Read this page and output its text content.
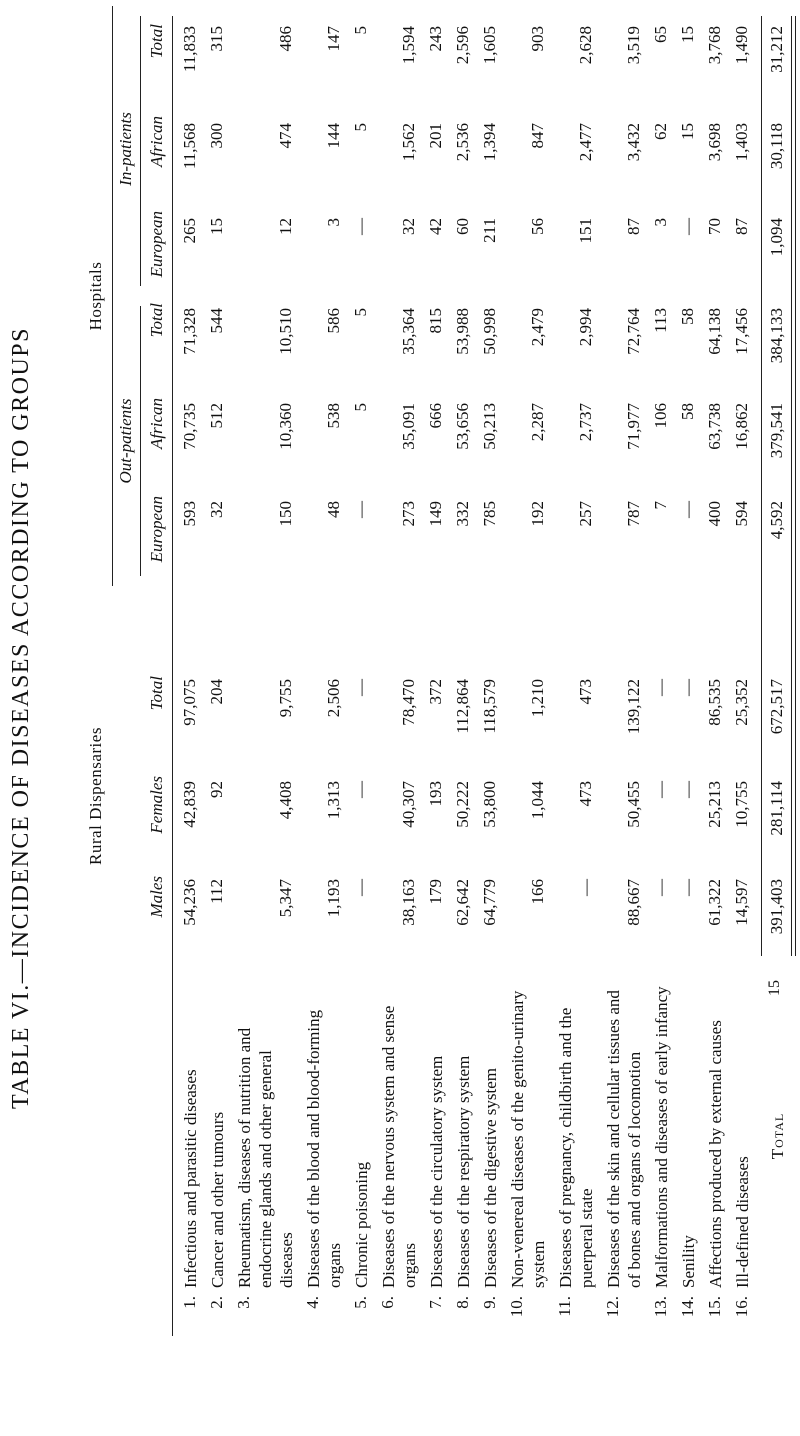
TABLE VI.—INCIDENCE OF DISEASES ACCORDING TO GROUPS	Rural Dispensaries
Hospitals
Out-patients
In-patients
Males
Females
Total
European
African
Total
European
African
Total
1.
Infectious and parasitic diseases
54,236
42,839
97,075
593
70,735
71,328
265
11,568
11,833
2.
Cancer and other tumours
112
92
204
32
512
544
15
300
315
3.
Rheumatism, diseases of nutrition and endocrine glands and other general diseases
5,347
4,408
9,755
150
10,360
10,510
12
474
486
4.
Diseases of the blood and blood-forming organs
1,193
1,313
2,506
48
538
586
3
144
147
5.
Chronic poisoning
—
—
—
—
5
5
—
5
5
6.
Diseases of the nervous system and sense organs
38,163
40,307
78,470
273
35,091
35,364
32
1,562
1,594
7.
Diseases of the circulatory system
179
193
372
149
666
815
42
201
243
8.
Diseases of the respiratory system
62,642
50,222
112,864
332
53,656
53,988
60
2,536
2,596
9.
Diseases of the digestive system
64,779
53,800
118,579
785
50,213
50,998
211
1,394
1,605
10.
Non-venereal diseases of the genito-urinary system
166
1,044
1,210
192
2,287
2,479
56
847
903
11.
Diseases of pregnancy, childbirth and the puerperal state
—
473
473
257
2,737
2,994
151
2,477
2,628
12.
Diseases of the skin and cellular tissues and of bones and organs of locomotion
88,667
50,455
139,122
787
71,977
72,764
87
3,432
3,519
13.
Malformations and diseases of early infancy
—
—
—
7
106
113
3
62
65
14.
Senility
—
—
—
—
58
58
—
15
15
15.
Affections produced by external causes
61,322
25,213
86,535
400
63,738
64,138
70
3,698
3,768
16.
Ill-defined diseases
14,597
10,755
25,352
594
16,862
17,456
87
1,403
1,490
Total
391,403
281,114
672,517
4,592
379,541
384,133
1,094
30,118
31,212
15
